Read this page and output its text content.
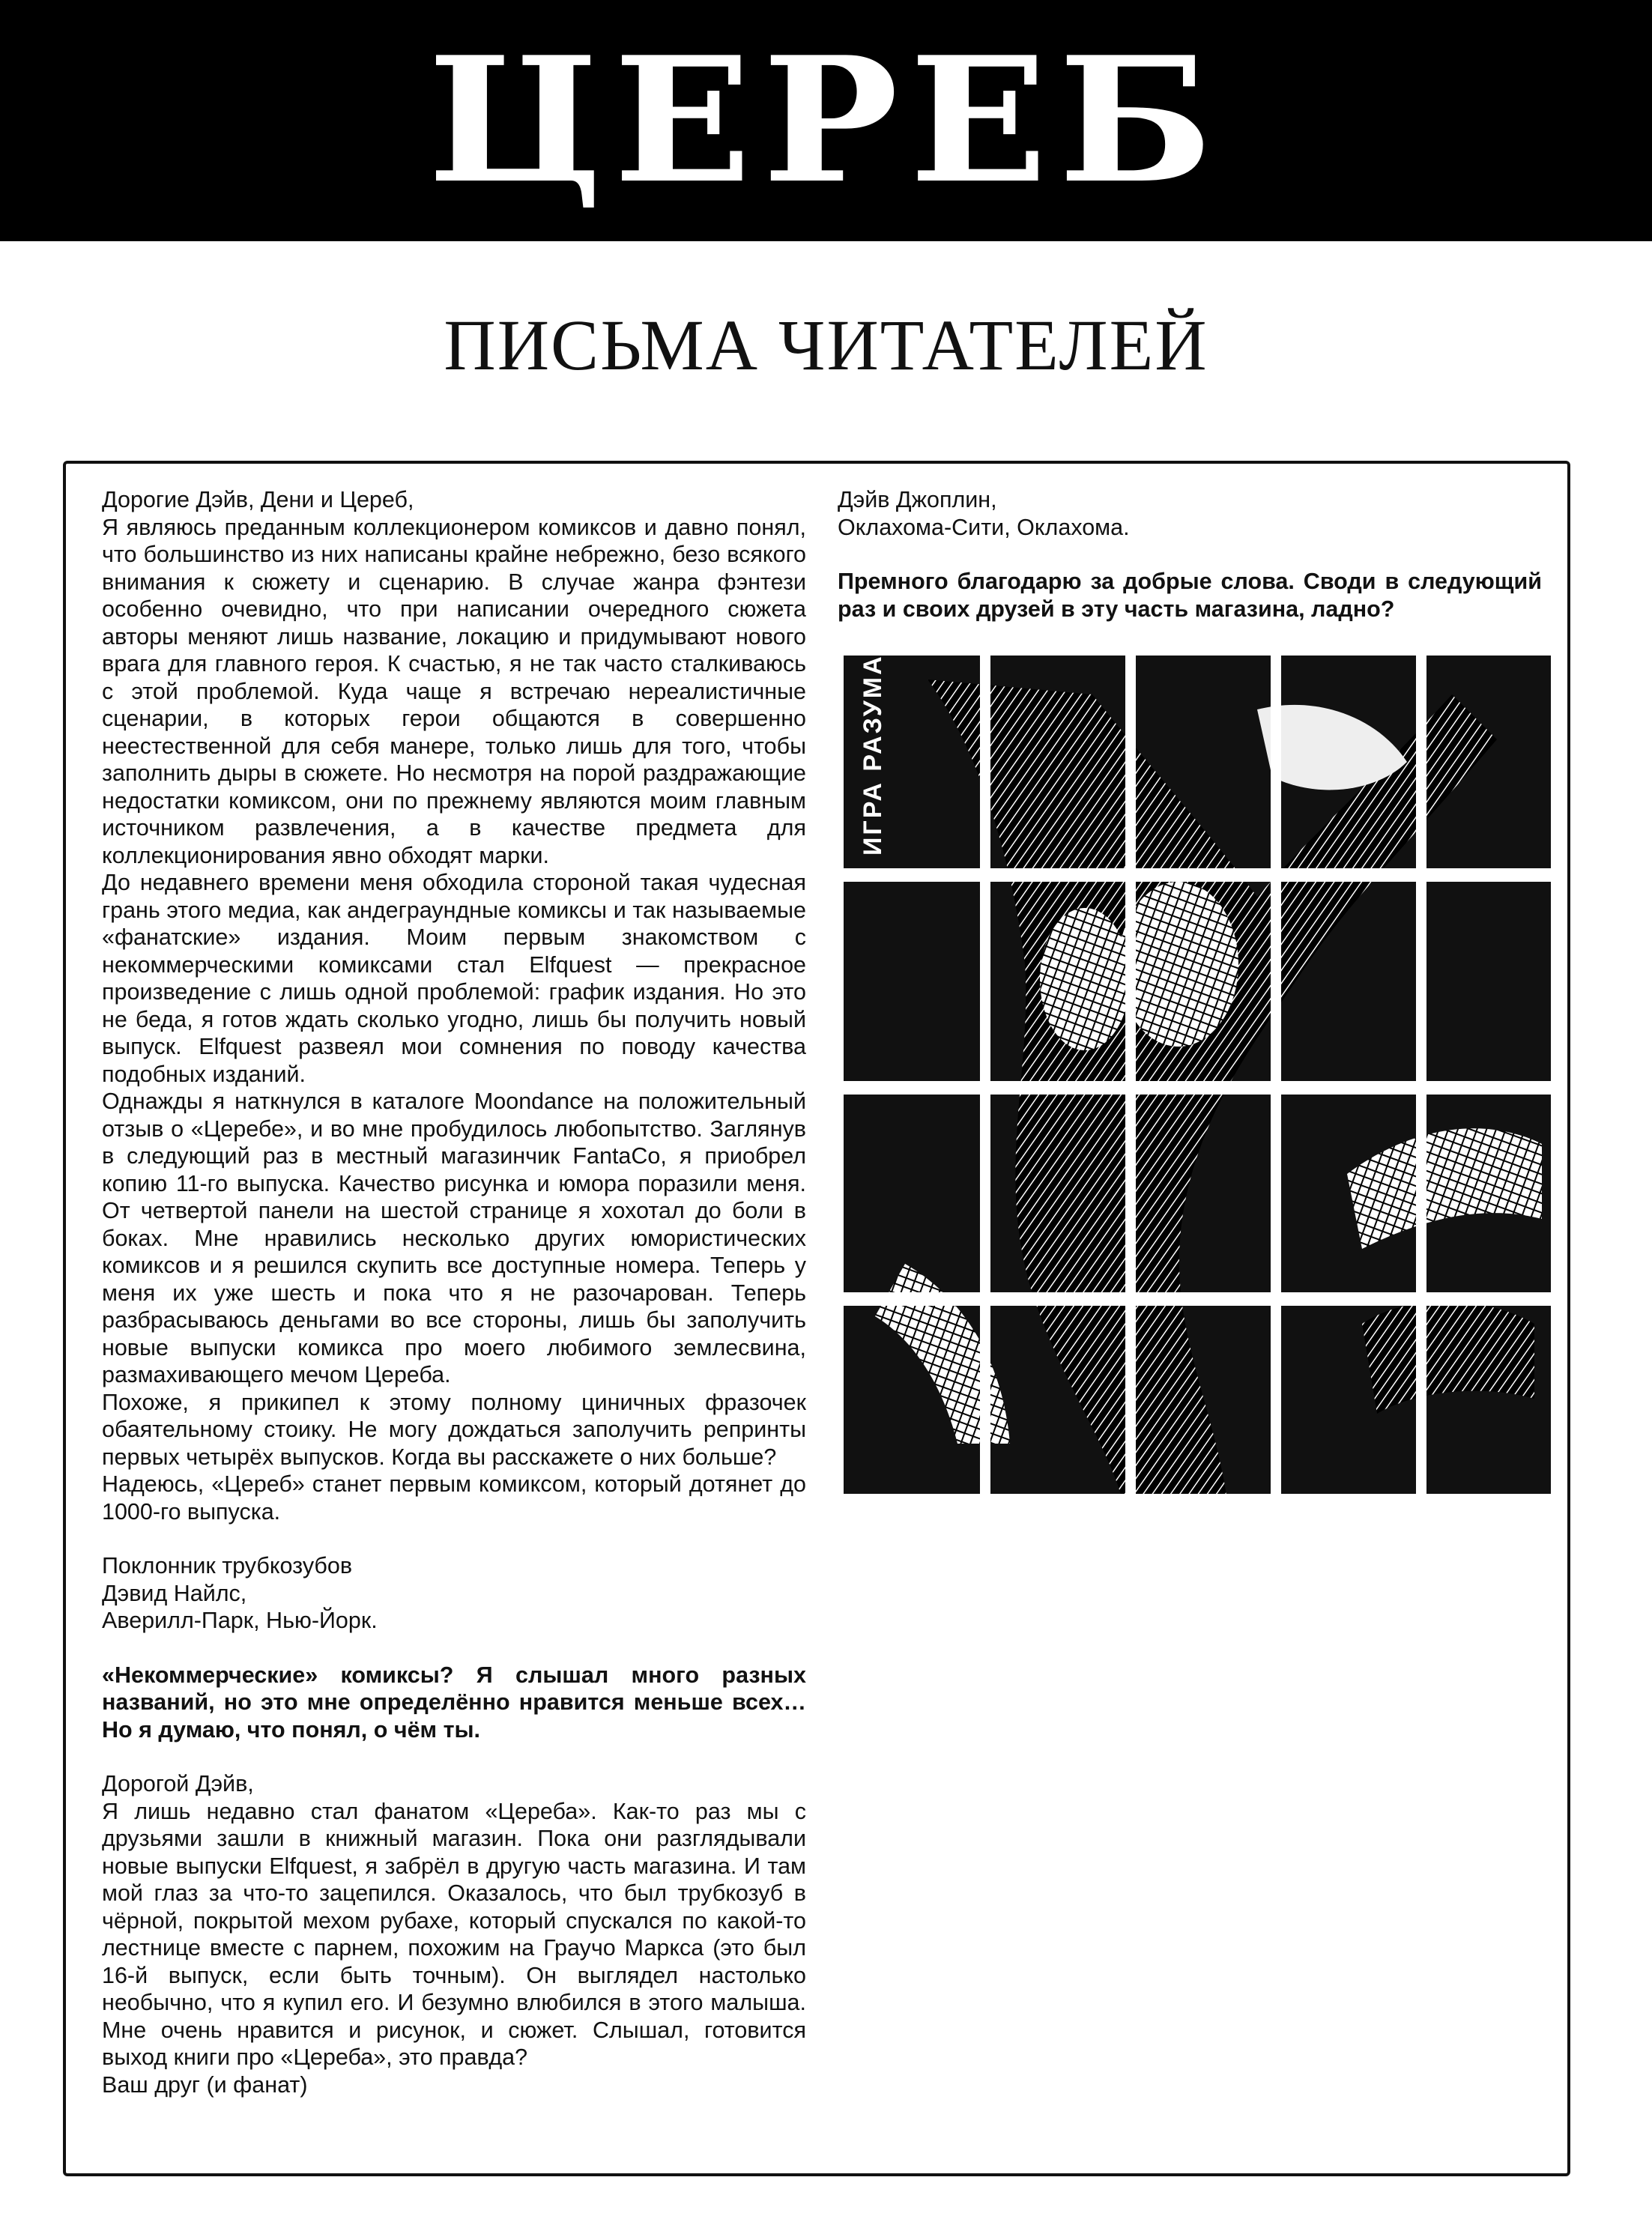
ЦЕРЕБ
ПИСЬМА ЧИТАТЕЛЕЙ

Дорогие Дэйв, Дени и Цереб,

Я являюсь преданным коллекционером комиксов и давно понял, что большинство из них написаны крайне небрежно, безо всякого внимания к сюжету и сценарию. В случае жанра фэнтези особенно очевидно, что при написании очередного сюжета авторы меняют лишь название, локацию и придумывают нового врага для главного героя. К счастью, я не так часто сталкиваюсь с этой проблемой. Куда чаще я встречаю нереалистичные сценарии, в которых герои общаются в совершенно неестественной для себя манере, только лишь для того, чтобы заполнить дыры в сюжете. Но несмотря на порой раздражающие недостатки комиксом, они по прежнему являются моим главным источником развлечения, а в качестве предмета для коллекционирования явно обходят марки.

До недавнего времени меня обходила стороной такая чудесная грань этого медиа, как андеграундные комиксы и так называемые «фанатские» издания. Моим первым знакомством с некоммерческими комиксами стал Elfquest — прекрасное произведение с лишь одной проблемой: график издания. Но это не беда, я готов ждать сколько угодно, лишь бы получить новый выпуск. Elfquest развеял мои сомнения по поводу качества подобных изданий.

Однажды я наткнулся в каталоге Moondance на положительный отзыв о «Церебе», и во мне пробудилось любопытство. Заглянув в следующий раз в местный магазинчик FantaCo, я приобрел копию 11-го выпуска. Качество рисунка и юмора поразили меня. От четвертой панели на шестой странице я хохотал до боли в боках. Мне нравились несколько других юмористических комиксов и я решился скупить все доступные номера. Теперь у меня их уже шесть и пока что я не разочарован. Теперь разбрасываюсь деньгами во все стороны, лишь бы заполучить новые выпуски комикса про моего любимого землесвина, размахивающего мечом Цереба.

Похоже, я прикипел к этому полному циничных фразочек обаятельному стоику. Не могу дождаться заполучить репринты первых четырёх выпусков. Когда вы расскажете о них больше?

Надеюсь, «Цереб» станет первым комиксом, который дотянет до 1000-го выпуска.

Поклонник трубкозубов

Дэвид Найлс,

Аверилл-Парк, Нью-Йорк.

«Некоммерческие» комиксы? Я слышал много разных названий, но это мне определённо нравится меньше всех… Но я думаю, что понял, о чём ты.

Дорогой Дэйв,

Я лишь недавно стал фанатом «Цереба». Как-то раз мы с друзьями зашли в книжный магазин. Пока они разглядывали новые выпуски Elfquest, я забрёл в другую часть магазина. И там мой глаз за что-то зацепился. Оказалось, что был трубкозуб в чёрной, покрытой мехом рубахе, который спускался по какой-то лестнице вместе с парнем, похожим на Граучо Маркса (это был 16-й выпуск, если быть точным). Он выглядел настолько необычно, что я купил его. И безумно влюбился в этого малыша. Мне очень нравится и рисунок, и сюжет. Слышал, готовится выход книги про «Цереба», это правда?

Ваш друг (и фанат)

Дэйв Джоплин,

Оклахома-Сити, Оклахома.

Премного благодарю за добрые слова. Своди в следующий раз и своих друзей в эту часть магазина, ладно?

ИГРА РАЗУМА
